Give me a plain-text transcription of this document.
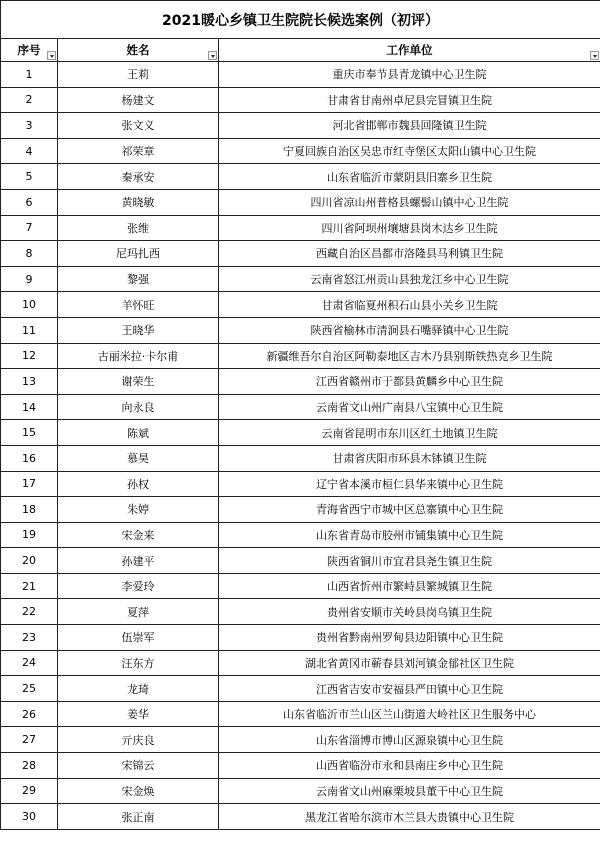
2021暖心乡镇卫生院院长候选案例（初评）		
序号	姓名	工作单位

1	王莉	重庆市奉节县青龙镇中心卫生院
2	杨建文	甘肃省甘南州卓尼县完冒镇卫生院
3	张文义	河北省邯郸市魏县回隆镇卫生院
4	祁荣章	宁夏回族自治区吴忠市红寺堡区太阳山镇中心卫生院
5	秦承安	山东省临沂市蒙阴县旧寨乡卫生院
6	黄晓敏	四川省凉山州普格县螺髻山镇中心卫生院
7	张维	四川省阿坝州壤塘县岗木达乡卫生院
8	尼玛扎西	西藏自治区昌都市洛隆县马利镇卫生院
9	黎强	云南省怒江州贡山县独龙江乡中心卫生院
10	羊怀旺	甘肃省临夏州积石山县小关乡卫生院
11	王晓华	陕西省榆林市清涧县石嘴驿镇中心卫生院
12	古丽米拉·卡尔甫	新疆维吾尔自治区阿勒泰地区吉木乃县别斯铁热克乡卫生院
13	谢荣生	江西省赣州市于都县黄麟乡中心卫生院
14	向永良	云南省文山州广南县八宝镇中心卫生院
15	陈斌	云南省昆明市东川区红土地镇卫生院
16	慕昊	甘肃省庆阳市环县木钵镇卫生院
17	孙权	辽宁省本溪市桓仁县华来镇中心卫生院
18	朱婷	青海省西宁市城中区总寨镇中心卫生院
19	宋金来	山东省青岛市胶州市铺集镇中心卫生院
20	孙建平	陕西省铜川市宜君县尧生镇卫生院
21	李爱玲	山西省忻州市繁峙县繁城镇卫生院
22	夏萍	贵州省安顺市关岭县岗乌镇卫生院
23	伍崇军	贵州省黔南州罗甸县边阳镇中心卫生院
24	汪东方	湖北省黄冈市蕲春县刘河镇金郁社区卫生院
25	龙琦	江西省吉安市安福县严田镇中心卫生院
26	姜华	山东省临沂市兰山区兰山街道大岭社区卫生服务中心
27	亓庆良	山东省淄博市博山区源泉镇中心卫生院
28	宋锦云	山西省临汾市永和县南庄乡中心卫生院
29	宋金焕	云南省文山州麻栗坡县董干中心卫生院
30	张正南	黑龙江省哈尔滨市木兰县大贵镇中心卫生院
